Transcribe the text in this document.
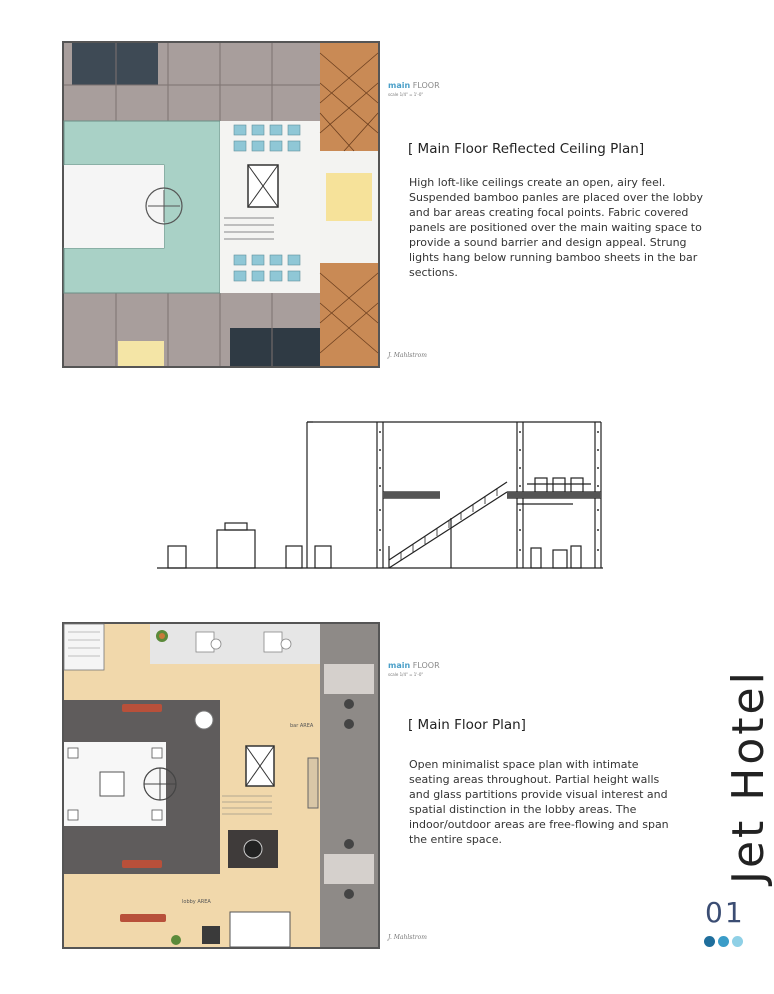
main FLOOR
scale 1/4" = 1'-0"
J. Mahlstrom
[ Main Floor Reflected Ceiling Plan]
High loft-like ceilings create an open, airy feel. Suspended bamboo panles are placed over the lobby and bar areas creating focal points. Fabric covered panels are positioned over the main waiting space to provide a sound barrier and design appeal. Strung lights hang below running bamboo sheets in the bar sections.
bar AREA
lobby AREA
main FLOOR
scale 1/4" = 1'-0"
J. Mahlstrom
[ Main Floor Plan]
Open minimalist space plan with intimate seating areas throughout. Partial height walls and glass partitions provide visual interest and spatial distinction in the lobby areas. The indoor/outdoor areas are free-flowing and span the entire space.	Jet Hotel
01
